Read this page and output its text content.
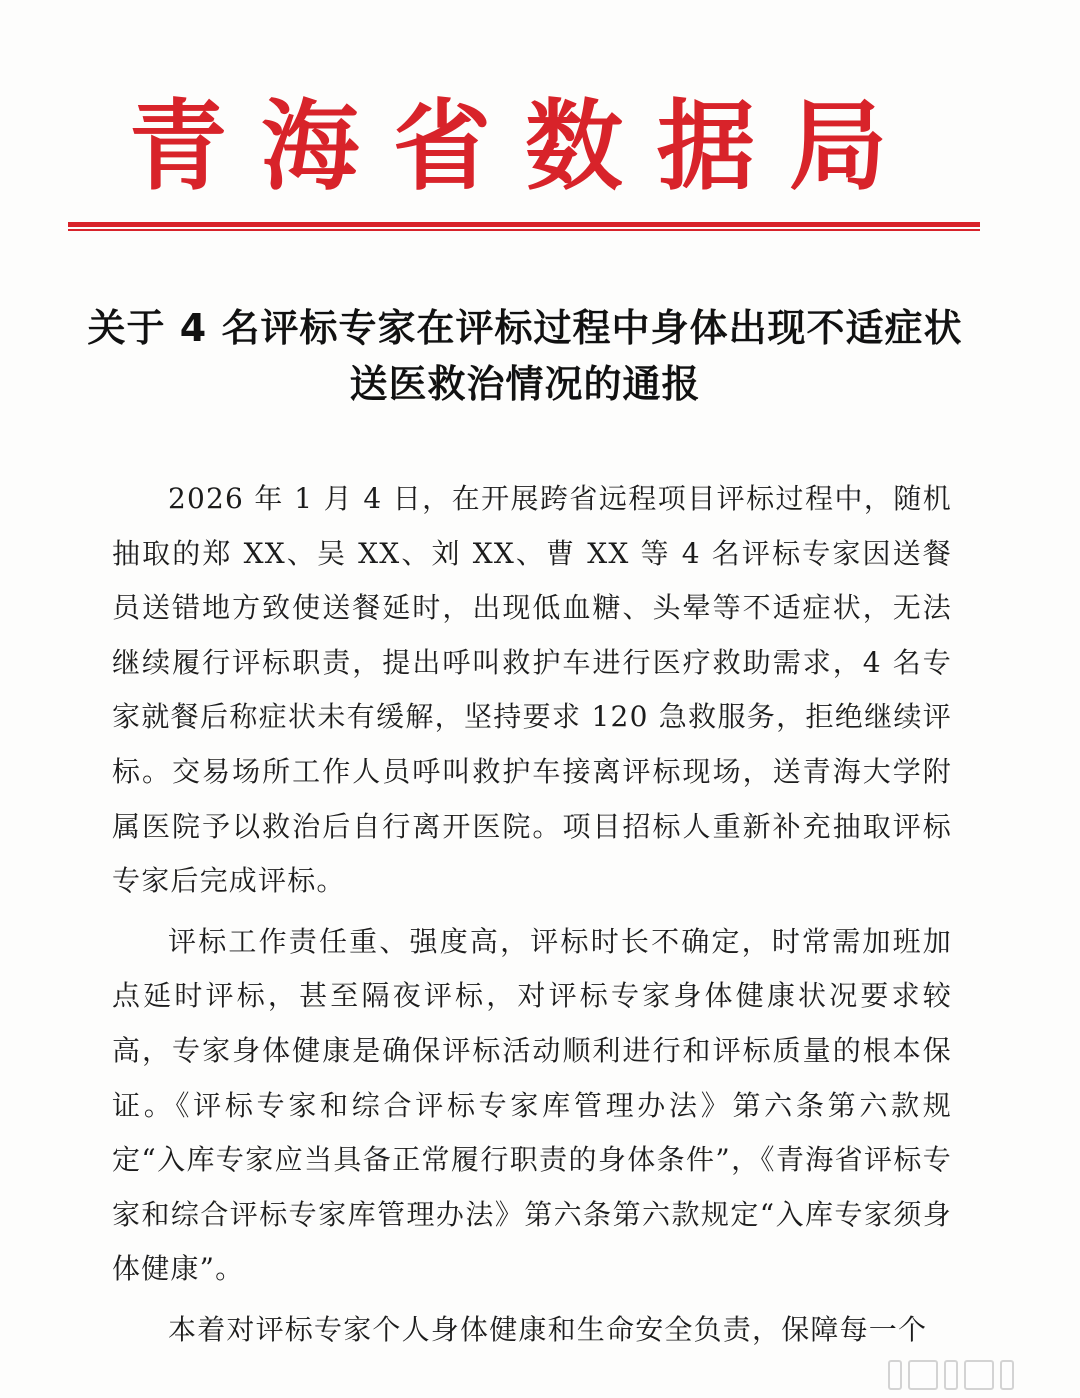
青海省数据局
关于 4 名评标专家在评标过程中身体出现不适症状送医救治情况的通报

2026 年 1 月 4 日，在开展跨省远程项目评标过程中，随机抽取的郑 XX、吴 XX、刘 XX、曹 XX 等 4 名评标专家因送餐员送错地方致使送餐延时，出现低血糖、头晕等不适症状，无法继续履行评标职责，提出呼叫救护车进行医疗救助需求，4 名专家就餐后称症状未有缓解，坚持要求 120 急救服务，拒绝继续评标。交易场所工作人员呼叫救护车接离评标现场，送青海大学附属医院予以救治后自行离开医院。项目招标人重新补充抽取评标专家后完成评标。

评标工作责任重、强度高，评标时长不确定，时常需加班加点延时评标，甚至隔夜评标，对评标专家身体健康状况要求较高，专家身体健康是确保评标活动顺利进行和评标质量的根本保证。《评标专家和综合评标专家库管理办法》第六条第六款规定“入库专家应当具备正常履行职责的身体条件”，《青海省评标专家和综合评标专家库管理办法》第六条第六款规定“入库专家须身体健康”。

本着对评标专家个人身体健康和生命安全负责，保障每一个
